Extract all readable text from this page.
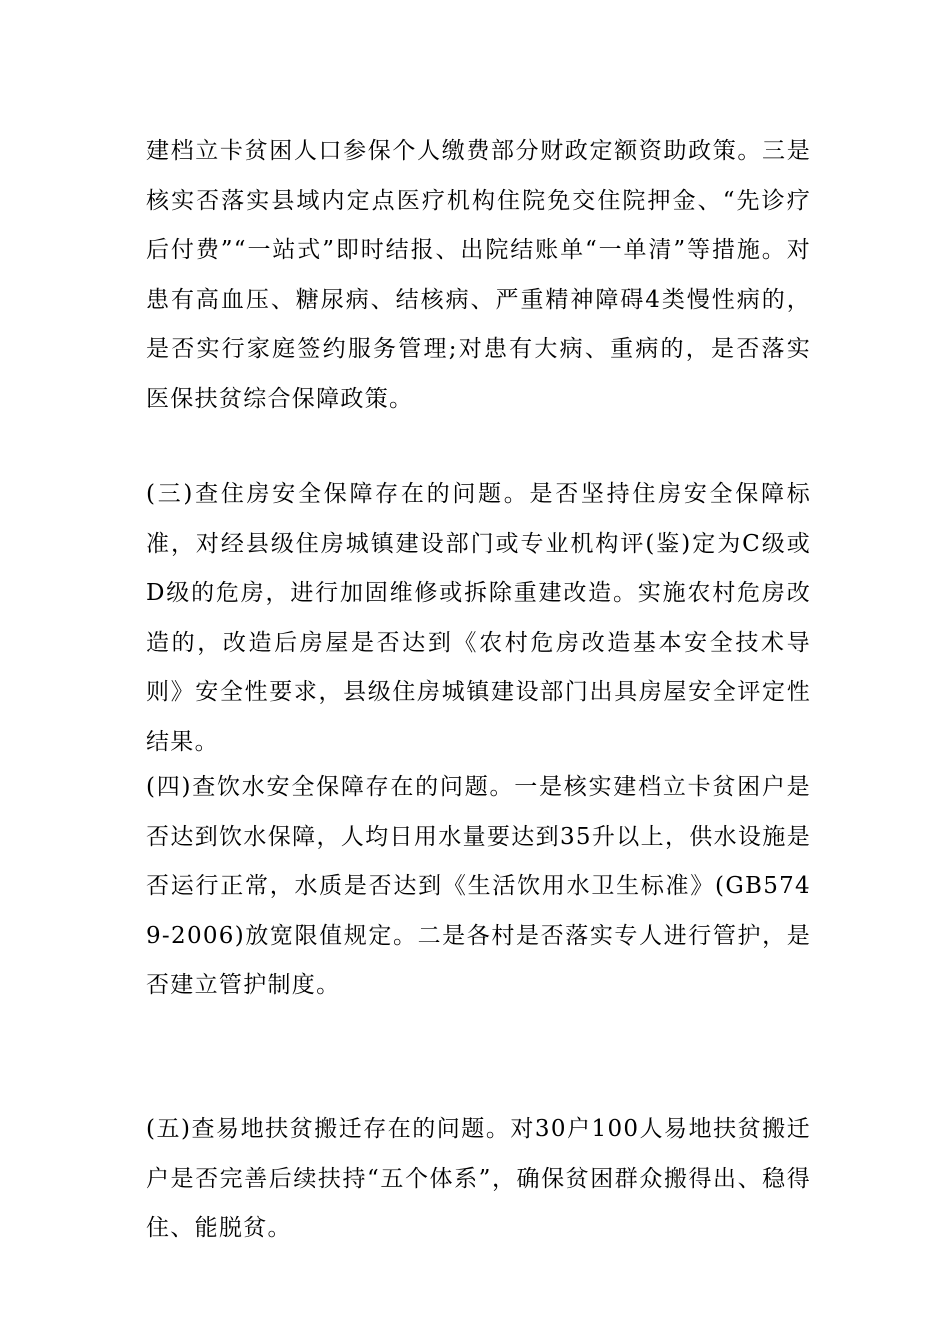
建档立卡贫困人口参保个人缴费部分财政定额资助政策。三是核实否落实县域内定点医疗机构住院免交住院押金、“先诊疗后付费”“一站式”即时结报、出院结账单“一单清”等措施。对患有高血压、糖尿病、结核病、严重精神障碍4类慢性病的，是否实行家庭签约服务管理;对患有大病、重病的，是否落实医保扶贫综合保障政策。

(三)查住房安全保障存在的问题。是否坚持住房安全保障标准，对经县级住房城镇建设部门或专业机构评(鉴)定为C级或D级的危房，进行加固维修或拆除重建改造。实施农村危房改造的，改造后房屋是否达到《农村危房改造基本安全技术导则》安全性要求，县级住房城镇建设部门出具房屋安全评定性结果。

(四)查饮水安全保障存在的问题。一是核实建档立卡贫困户是否达到饮水保障，人均日用水量要达到35升以上，供水设施是否运行正常，水质是否达到《生活饮用水卫生标准》(GB5749-2006)放宽限值规定。二是各村是否落实专人进行管护，是否建立管护制度。

(五)查易地扶贫搬迁存在的问题。对30户100人易地扶贫搬迁户是否完善后续扶持“五个体系”，确保贫困群众搬得出、稳得住、能脱贫。
